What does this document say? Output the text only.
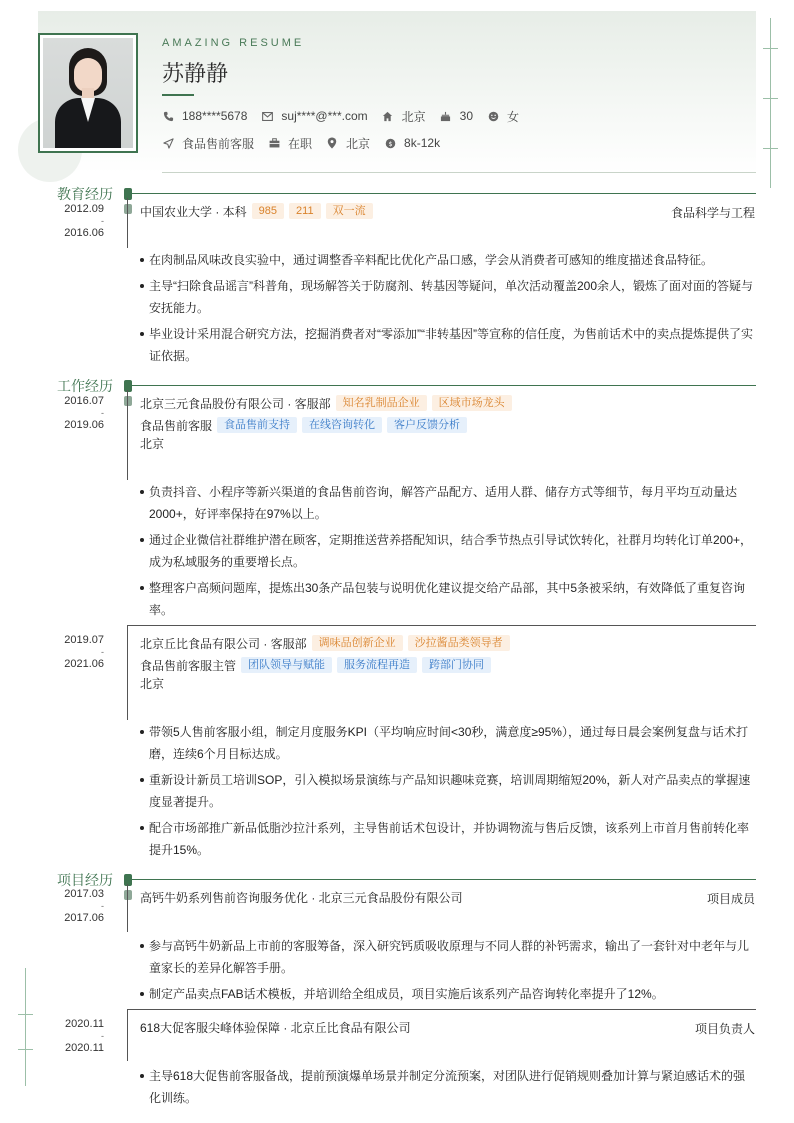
AMAZING RESUME
苏静静
188****5678	suj****@***.com	北京	30	女
食品售前客服	在职	北京	$ 8k-12k
教育经历
2012.09
-
2016.06
中国农业大学 · 本科	985	211	双一流	食品科学与工程
在肉制品风味改良实验中，通过调整香辛料配比优化产品口感，学会从消费者可感知的维度描述食品特征。
主导“扫除食品谣言”科普角，现场解答关于防腐剂、转基因等疑问，单次活动覆盖200余人，锻炼了面对面的答疑与安抚能力。
毕业设计采用混合研究方法，挖掘消费者对“零添加”“非转基因”等宣称的信任度，为售前话术中的卖点提炼提供了实证依据。
工作经历
2016.07
-
2019.06
北京三元食品股份有限公司 · 客服部	知名乳制品企业	区域市场龙头
食品售前客服	食品售前支持	在线咨询转化	客户反馈分析
北京
负责抖音、小程序等新兴渠道的食品售前咨询，解答产品配方、适用人群、储存方式等细节，每月平均互动量达2000+，好评率保持在97%以上。
通过企业微信社群维护潜在顾客，定期推送营养搭配知识，结合季节热点引导试饮转化，社群月均转化订单200+，成为私域服务的重要增长点。
整理客户高频问题库，提炼出30条产品包装与说明优化建议提交给产品部，其中5条被采纳，有效降低了重复咨询率。
2019.07
-
2021.06
北京丘比食品有限公司 · 客服部	调味品创新企业	沙拉酱品类领导者
食品售前客服主管	团队领导与赋能	服务流程再造	跨部门协同
北京
带领5人售前客服小组，制定月度服务KPI（平均响应时间<30秒，满意度≥95%），通过每日晨会案例复盘与话术打磨，连续6个月目标达成。
重新设计新员工培训SOP，引入模拟场景演练与产品知识趣味竞赛，培训周期缩短20%，新人对产品卖点的掌握速度显著提升。
配合市场部推广新品低脂沙拉汁系列，主导售前话术包设计，并协调物流与售后反馈，该系列上市首月售前转化率提升15%。
项目经历
2017.03
-
2017.06
高钙牛奶系列售前咨询服务优化 · 北京三元食品股份有限公司	项目成员
参与高钙牛奶新品上市前的客服筹备，深入研究钙质吸收原理与不同人群的补钙需求，输出了一套针对中老年与儿童家长的差异化解答手册。
制定产品卖点FAB话术模板，并培训给全组成员，项目实施后该系列产品咨询转化率提升了12%。
2020.11
-
2020.11
618大促客服尖峰体验保障 · 北京丘比食品有限公司	项目负责人
主导618大促售前客服备战，提前预演爆单场景并制定分流预案，对团队进行促销规则叠加计算与紧迫感话术的强化训练。
